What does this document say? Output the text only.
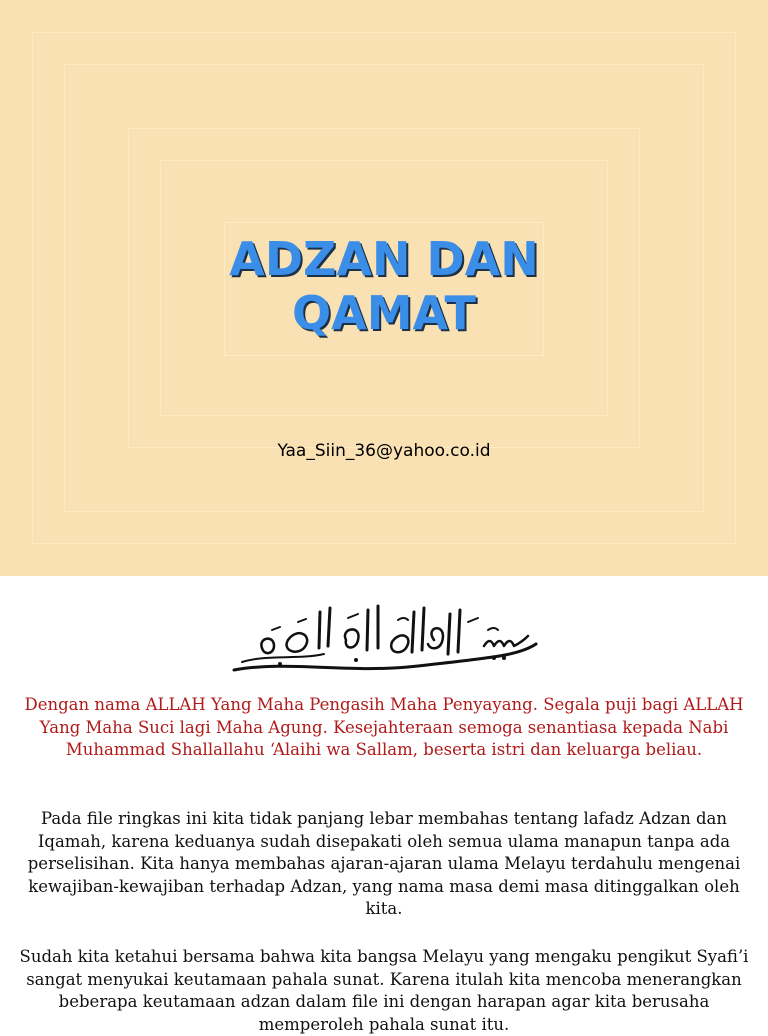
ADZAN DAN
QAMAT
Yaa_Siin_36@yahoo.co.id

Dengan nama ALLAH Yang Maha Pengasih Maha Penyayang. Segala puji bagi ALLAH Yang Maha Suci lagi Maha Agung. Kesejahteraan semoga senantiasa kepada Nabi Muhammad Shallallahu ‘Alaihi wa Sallam, beserta istri dan keluarga beliau.

Pada file ringkas ini kita tidak panjang lebar membahas tentang lafadz Adzan dan Iqamah, karena keduanya sudah disepakati oleh semua ulama manapun tanpa ada perselisihan. Kita hanya membahas ajaran-ajaran ulama Melayu terdahulu mengenai kewajiban-kewajiban terhadap Adzan, yang nama masa demi masa ditinggalkan oleh kita.

Sudah kita ketahui bersama bahwa kita bangsa Melayu yang mengaku pengikut Syafi’i sangat menyukai keutamaan pahala sunat. Karena itulah kita mencoba menerangkan beberapa keutamaan adzan dalam file ini dengan harapan agar kita berusaha memperoleh pahala sunat itu.
